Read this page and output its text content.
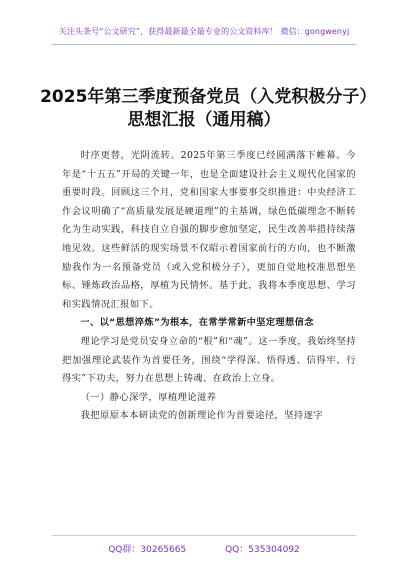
关注头条号“公文研究”，获得最新最全最专业的公文资料库！ 微信：gongwenyj
2025年第三季度预备党员（入党积极分子）思想汇报（通用稿）

时序更替，光阴流转。2025年第三季度已经圆满落下帷幕。今年是“十五五”开局的关键一年，也是全面建设社会主义现代化国家的重要时段。回顾这三个月，党和国家大事要事交织推进：中央经济工作会议明确了“高质量发展是硬道理”的主基调，绿色低碳理念不断转化为生动实践，科技自立自强的脚步愈加坚定，民生改善举措持续落地见效。这些鲜活的现实场景不仅昭示着国家前行的方向，也不断激励我作为一名预备党员（或入党积极分子），更加自觉地校准思想坐标、锤炼政治品格，厚植为民情怀。基于此，我将本季度思想、学习和实践情况汇报如下。

一、以“思想淬炼”为根本，在常学常新中坚定理想信念

理论学习是党员安身立命的“根”和“魂”。这一季度，我始终坚持把加强理论武装作为首要任务，围绕“学得深、悟得透、信得牢、行得实”下功夫，努力在思想上铸魂、在政治上立身。

（一）静心深学，厚植理论滋养

我把原原本本研读党的创新理论作为首要途径，坚持逐字

QQ群：30265665	QQ：535304092
